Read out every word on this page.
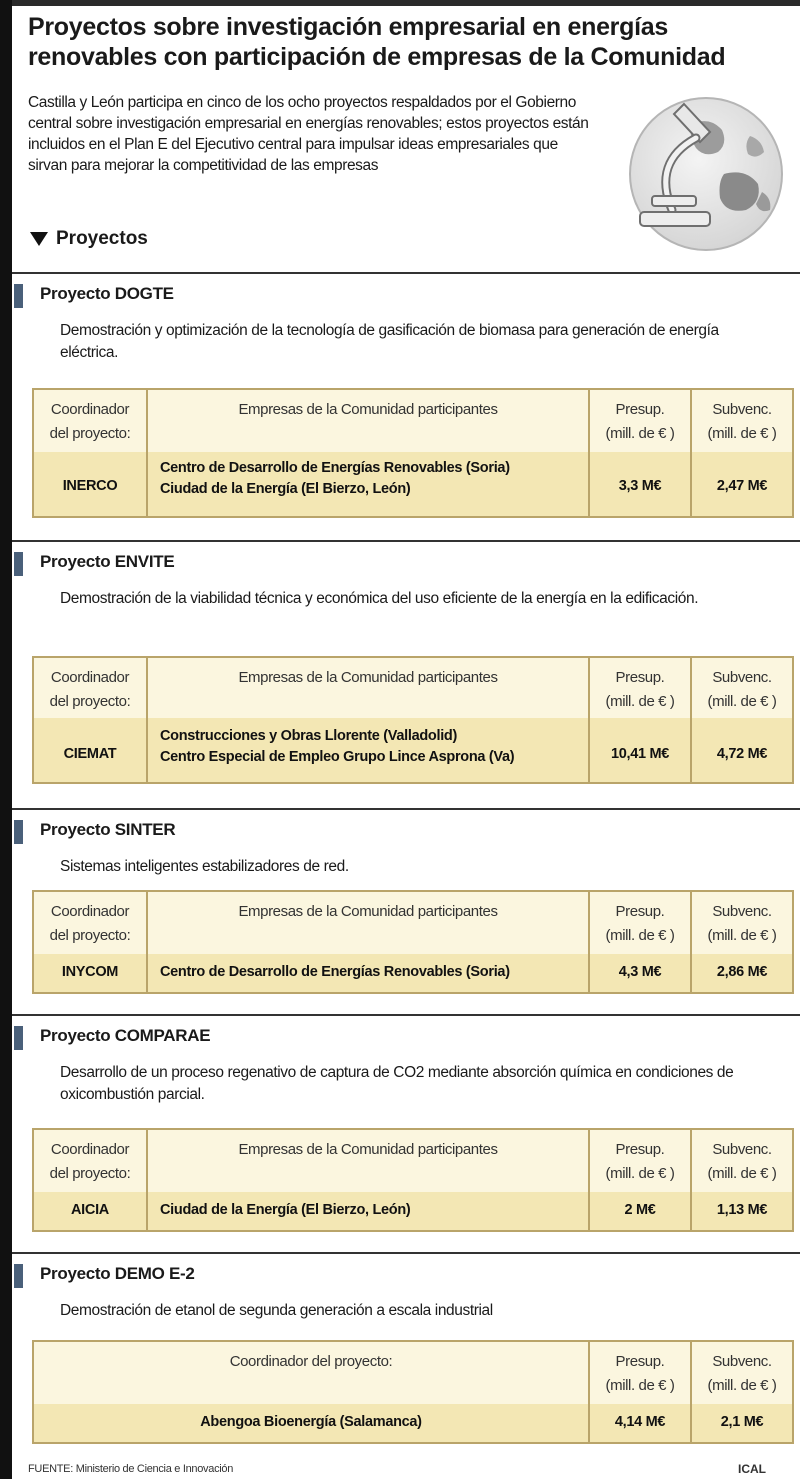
Proyectos sobre investigación empresarial en energías renovables con participación de empresas de la Comunidad

Castilla y León participa en cinco de los ocho proyectos respaldados por el Gobierno central sobre investigación empresarial en energías renovables; estos proyectos están incluidos en el Plan E del Ejecutivo central para impulsar ideas empresariales que sirvan para mejorar la competitividad de las empresas

Proyectos
Proyecto DOGTE
Demostración y optimización de la tecnología de gasificación de biomasa para generación de energía eléctrica.
Coordinador
del proyecto:
INERCO
Empresas de la Comunidad participantes
Centro de Desarrollo de Energías Renovables (Soria)
Ciudad de la Energía (El Bierzo, León)
Presup.
(mill. de € )
3,3 M€
Subvenc.
(mill. de € )
2,47 M€
Proyecto ENVITE
Demostración de la viabilidad técnica y económica del uso eficiente de la energía en la edificación.
Coordinador
del proyecto:
CIEMAT
Empresas de la Comunidad participantes
Construcciones y Obras Llorente (Valladolid)
Centro Especial de Empleo Grupo Lince Asprona (Va)
Presup.
(mill. de € )
10,41 M€
Subvenc.
(mill. de € )
4,72 M€
Proyecto SINTER
Sistemas inteligentes estabilizadores de red.
Coordinador
del proyecto:
INYCOM
Empresas de la Comunidad participantes
Centro de Desarrollo de Energías Renovables (Soria)
Presup.
(mill. de € )
4,3 M€
Subvenc.
(mill. de € )
2,86 M€
Proyecto COMPARAE
Desarrollo de un proceso regenativo de captura de CO2 mediante absorción química en condiciones de oxicombustión parcial.
Coordinador
del proyecto:
AICIA
Empresas de la Comunidad participantes
Ciudad de la Energía (El Bierzo, León)
Presup.
(mill. de € )
2 M€
Subvenc.
(mill. de € )
1,13 M€
Proyecto DEMO E-2
Demostración de etanol de segunda generación a escala industrial
Coordinador del proyecto:
Abengoa Bioenergía (Salamanca)
Presup.
(mill. de € )
4,14 M€
Subvenc.
(mill. de € )
2,1 M€
FUENTE: Ministerio de Ciencia e Innovación	ICAL
